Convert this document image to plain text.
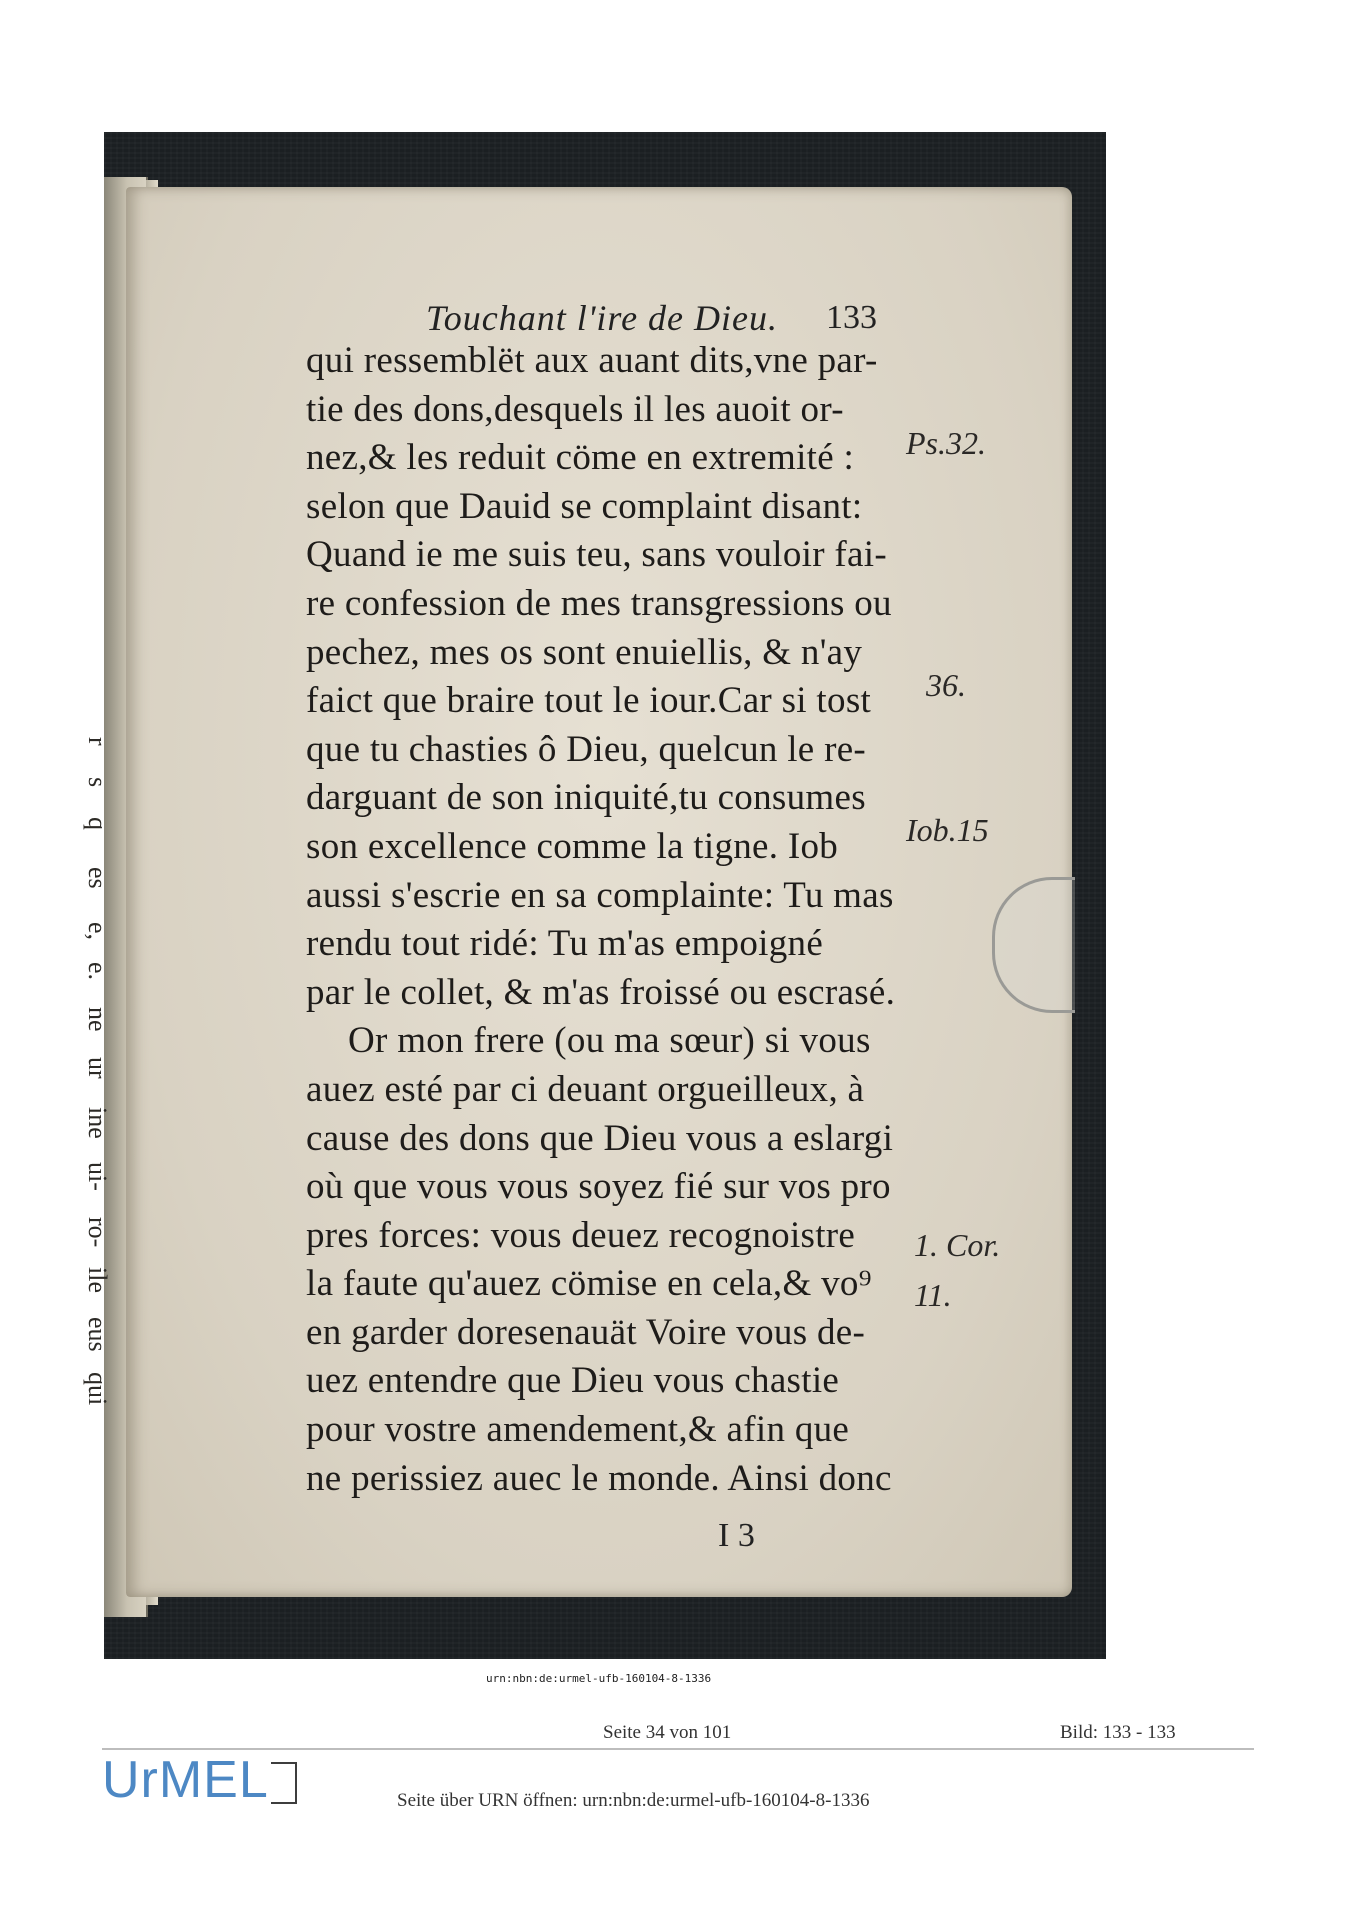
r
s
q
es
e,
e.
ne
ur
ine
ui-
ro-
ile
eus
qui
Touchant l'ire de Dieu. 133
qui ressemblët aux auant dits,vne par-
tie des dons,desquels il les auoit or-
nez,& les reduit cöme en extremité :
selon que Dauid se complaint disant:
Quand ie me suis teu, sans vouloir fai-
re confession de mes transgressions ou
pechez, mes os sont enuiellis, & n'ay
faict que braire tout le iour.Car si tost
que tu chasties ô Dieu, quelcun le re-
darguant de son iniquité,tu consumes
son excellence comme la tigne. Iob
aussi s'escrie en sa complainte: Tu mas
rendu tout ridé: Tu m'as empoigné
par le collet, & m'as froissé ou escrasé.
Or mon frere (ou ma sœur) si vous
auez esté par ci deuant orgueilleux, à
cause des dons que Dieu vous a eslargi
où que vous vous soyez fié sur vos pro
pres forces: vous deuez recognoistre
la faute qu'auez cömise en cela,& vo⁹
en garder doresenauät Voire vous de-
uez entendre que Dieu vous chastie
pour vostre amendement,& afin que
ne perissiez auec le monde. Ainsi donc
Ps.32.
36.
Iob.15
1. Cor.
11.
I 3
urn:nbn:de:urmel-ufb-160104-8-1336
Seite 34 von 101	Bild: 133 - 133
UrMEL	Seite über URN öffnen: urn:nbn:de:urmel-ufb-160104-8-1336
